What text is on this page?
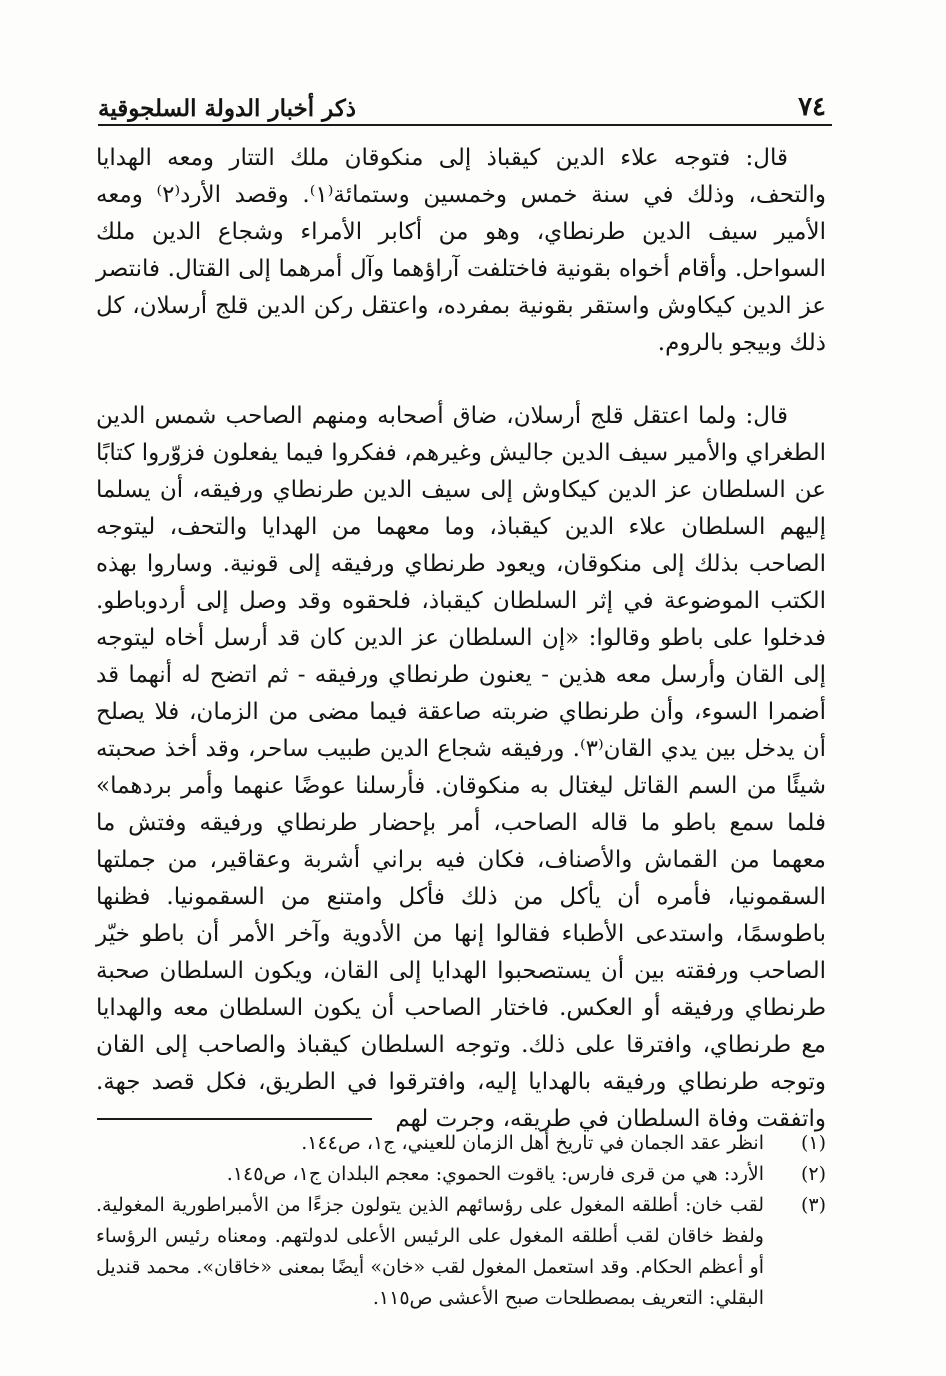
٧٤
ذكر أخبار الدولة السلجوقية

قال: فتوجه علاء الدين كيقباذ إلى منكوقان ملك التتار ومعه الهدايا والتحف، وذلك في سنة خمس وخمسين وستمائة⁽١⁾. وقصد الأرد⁽٢⁾ ومعه الأمير سيف الدين طرنطاي، وهو من أكابر الأمراء وشجاع الدين ملك السواحل. وأقام أخواه بقونية فاختلفت آراؤهما وآل أمرهما إلى القتال. فانتصر عز الدين كيكاوش واستقر بقونية بمفرده، واعتقل ركن الدين قلج أرسلان، كل ذلك وبيجو بالروم.

قال: ولما اعتقل قلج أرسلان، ضاق أصحابه ومنهم الصاحب شمس الدين الطغراي والأمير سيف الدين جاليش وغيرهم، ففكروا فيما يفعلون فزوّروا كتابًا عن السلطان عز الدين كيكاوش إلى سيف الدين طرنطاي ورفيقه، أن يسلما إليهم السلطان علاء الدين كيقباذ، وما معهما من الهدايا والتحف، ليتوجه الصاحب بذلك إلى منكوقان، ويعود طرنطاي ورفيقه إلى قونية. وساروا بهذه الكتب الموضوعة في إثر السلطان كيقباذ، فلحقوه وقد وصل إلى أردوباطو. فدخلوا على باطو وقالوا: «إن السلطان عز الدين كان قد أرسل أخاه ليتوجه إلى القان وأرسل معه هذين - يعنون طرنطاي ورفيقه - ثم اتضح له أنهما قد أضمرا السوء، وأن طرنطاي ضربته صاعقة فيما مضى من الزمان، فلا يصلح أن يدخل بين يدي القان⁽٣⁾. ورفيقه شجاع الدين طبيب ساحر، وقد أخذ صحبته شيئًا من السم القاتل ليغتال به منكوقان. فأرسلنا عوضًا عنهما وأمر بردهما» فلما سمع باطو ما قاله الصاحب، أمر بإحضار طرنطاي ورفيقه وفتش ما معهما من القماش والأصناف، فكان فيه براني أشربة وعقاقير، من جملتها السقمونيا، فأمره أن يأكل من ذلك فأكل وامتنع من السقمونيا. فظنها باطوسمًا، واستدعى الأطباء فقالوا إنها من الأدوية وآخر الأمر أن باطو خيّر الصاحب ورفقته بين أن يستصحبوا الهدايا إلى القان، ويكون السلطان صحبة طرنطاي ورفيقه أو العكس. فاختار الصاحب أن يكون السلطان معه والهدايا مع طرنطاي، وافترقا على ذلك. وتوجه السلطان كيقباذ والصاحب إلى القان وتوجه طرنطاي ورفيقه بالهدايا إليه، وافترقوا في الطريق، فكل قصد جهة. واتفقت وفاة السلطان في طريقه، وجرت لهم

(١)
انظر عقد الجمان في تاريخ أهل الزمان للعيني، ج١، ص١٤٤.
(٢)
الأرد: هي من قرى فارس: ياقوت الحموي: معجم البلدان ج١، ص١٤٥.
(٣)
لقب خان: أطلقه المغول على رؤسائهم الذين يتولون جزءًا من الأمبراطورية المغولية. ولفظ خاقان لقب أطلقه المغول على الرئيس الأعلى لدولتهم. ومعناه رئيس الرؤساء أو أعظم الحكام. وقد استعمل المغول لقب «خان» أيضًا بمعنى «خاقان». محمد قنديل البقلي: التعريف بمصطلحات صبح الأعشى ص١١٥.
